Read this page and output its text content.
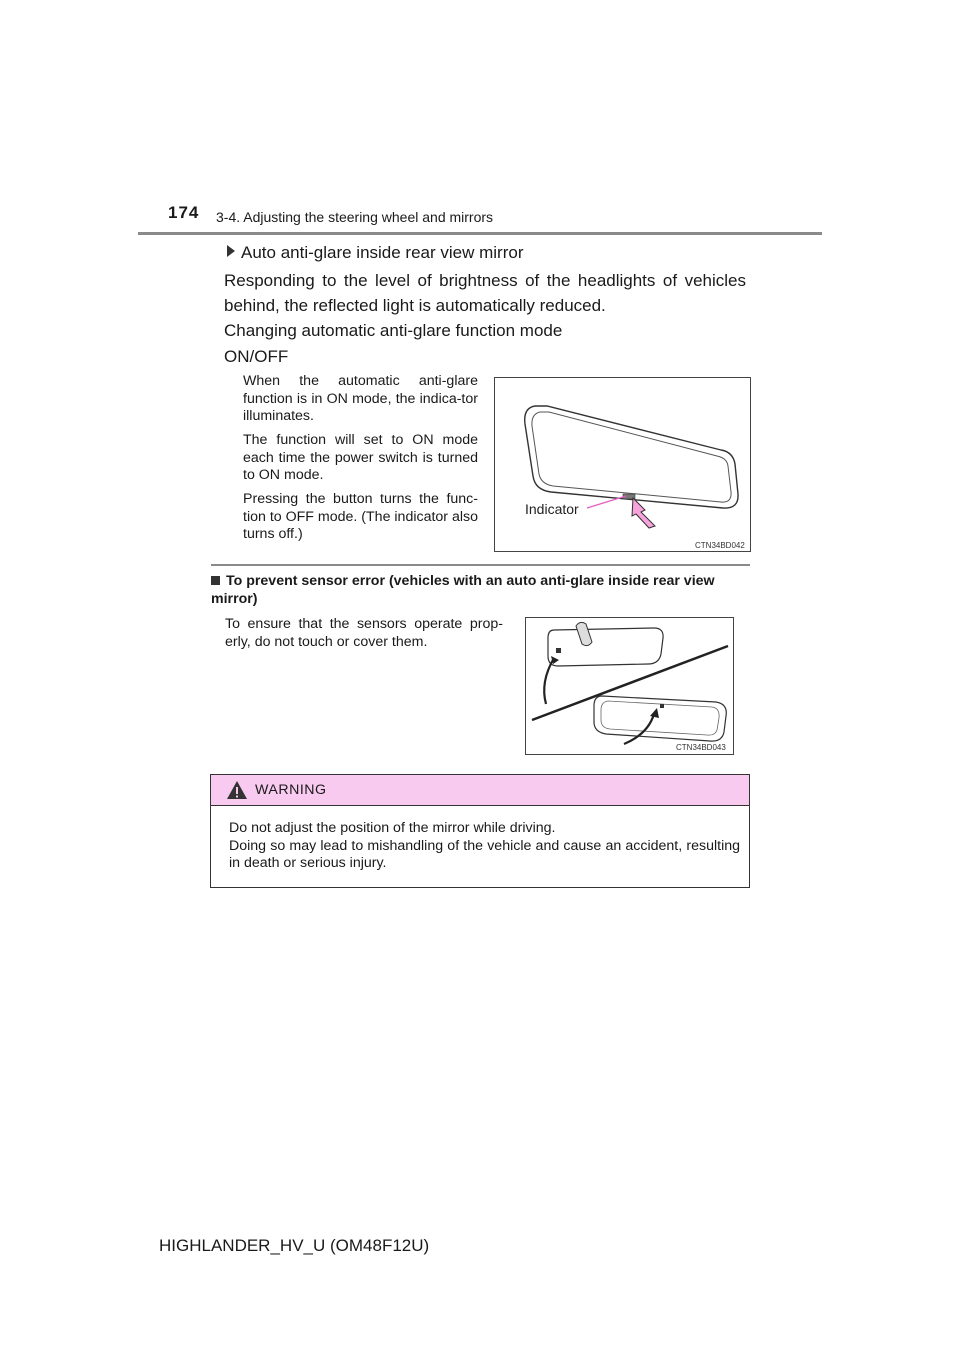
174 3-4. Adjusting the steering wheel and mirrors
Auto anti-glare inside rear view mirror
Responding to the level of brightness of the headlights of vehicles behind, the reflected light is automatically reduced.
Changing automatic anti-glare function mode
ON/OFF
When the automatic anti-glare function is in ON mode, the indica-tor illuminates.
The function will set to ON mode each time the power switch is turned to ON mode.
Pressing the button turns the func-tion to OFF mode. (The indicator also turns off.)
Indicator
CTN34BD042
To prevent sensor error (vehicles with an auto anti-glare inside rear view mirror)
To ensure that the sensors operate prop-erly, do not touch or cover them.
CTN34BD043
WARNING
Do not adjust the position of the mirror while driving.
Doing so may lead to mishandling of the vehicle and cause an accident, resulting in death or serious injury.
HIGHLANDER_HV_U (OM48F12U)
